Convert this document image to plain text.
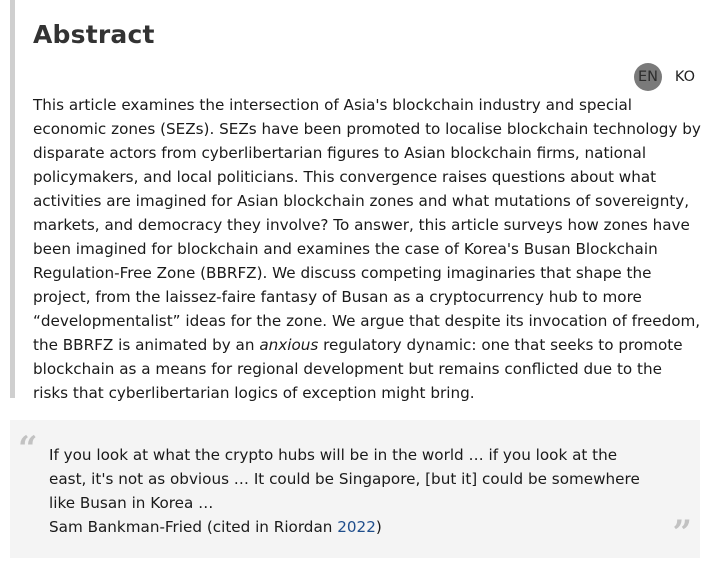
Abstract
EN	KO

This article examines the intersection of Asia's blockchain industry and special economic zones (SEZs). SEZs have been promoted to localise blockchain technology by disparate actors from cyberlibertarian figures to Asian blockchain firms, national policymakers, and local politicians. This convergence raises questions about what activities are imagined for Asian blockchain zones and what mutations of sovereignty, markets, and democracy they involve? To answer, this article surveys how zones have been imagined for blockchain and examines the case of Korea's Busan Blockchain Regulation-Free Zone (BBRFZ). We discuss competing imaginaries that shape the project, from the laissez-faire fantasy of Busan as a cryptocurrency hub to more “developmentalist” ideas for the zone. We argue that despite its invocation of freedom, the BBRFZ is animated by an anxious regulatory dynamic: one that seeks to promote blockchain as a means for regional development but remains conflicted due to the risks that cyberlibertarian logics of exception might bring.

“ If you look at what the crypto hubs will be in the world … if you look at the east, it's not as obvious … It could be Singapore, [but it] could be somewhere like Busan in Korea …

Sam Bankman-Fried (cited in Riordan 2022)	”
